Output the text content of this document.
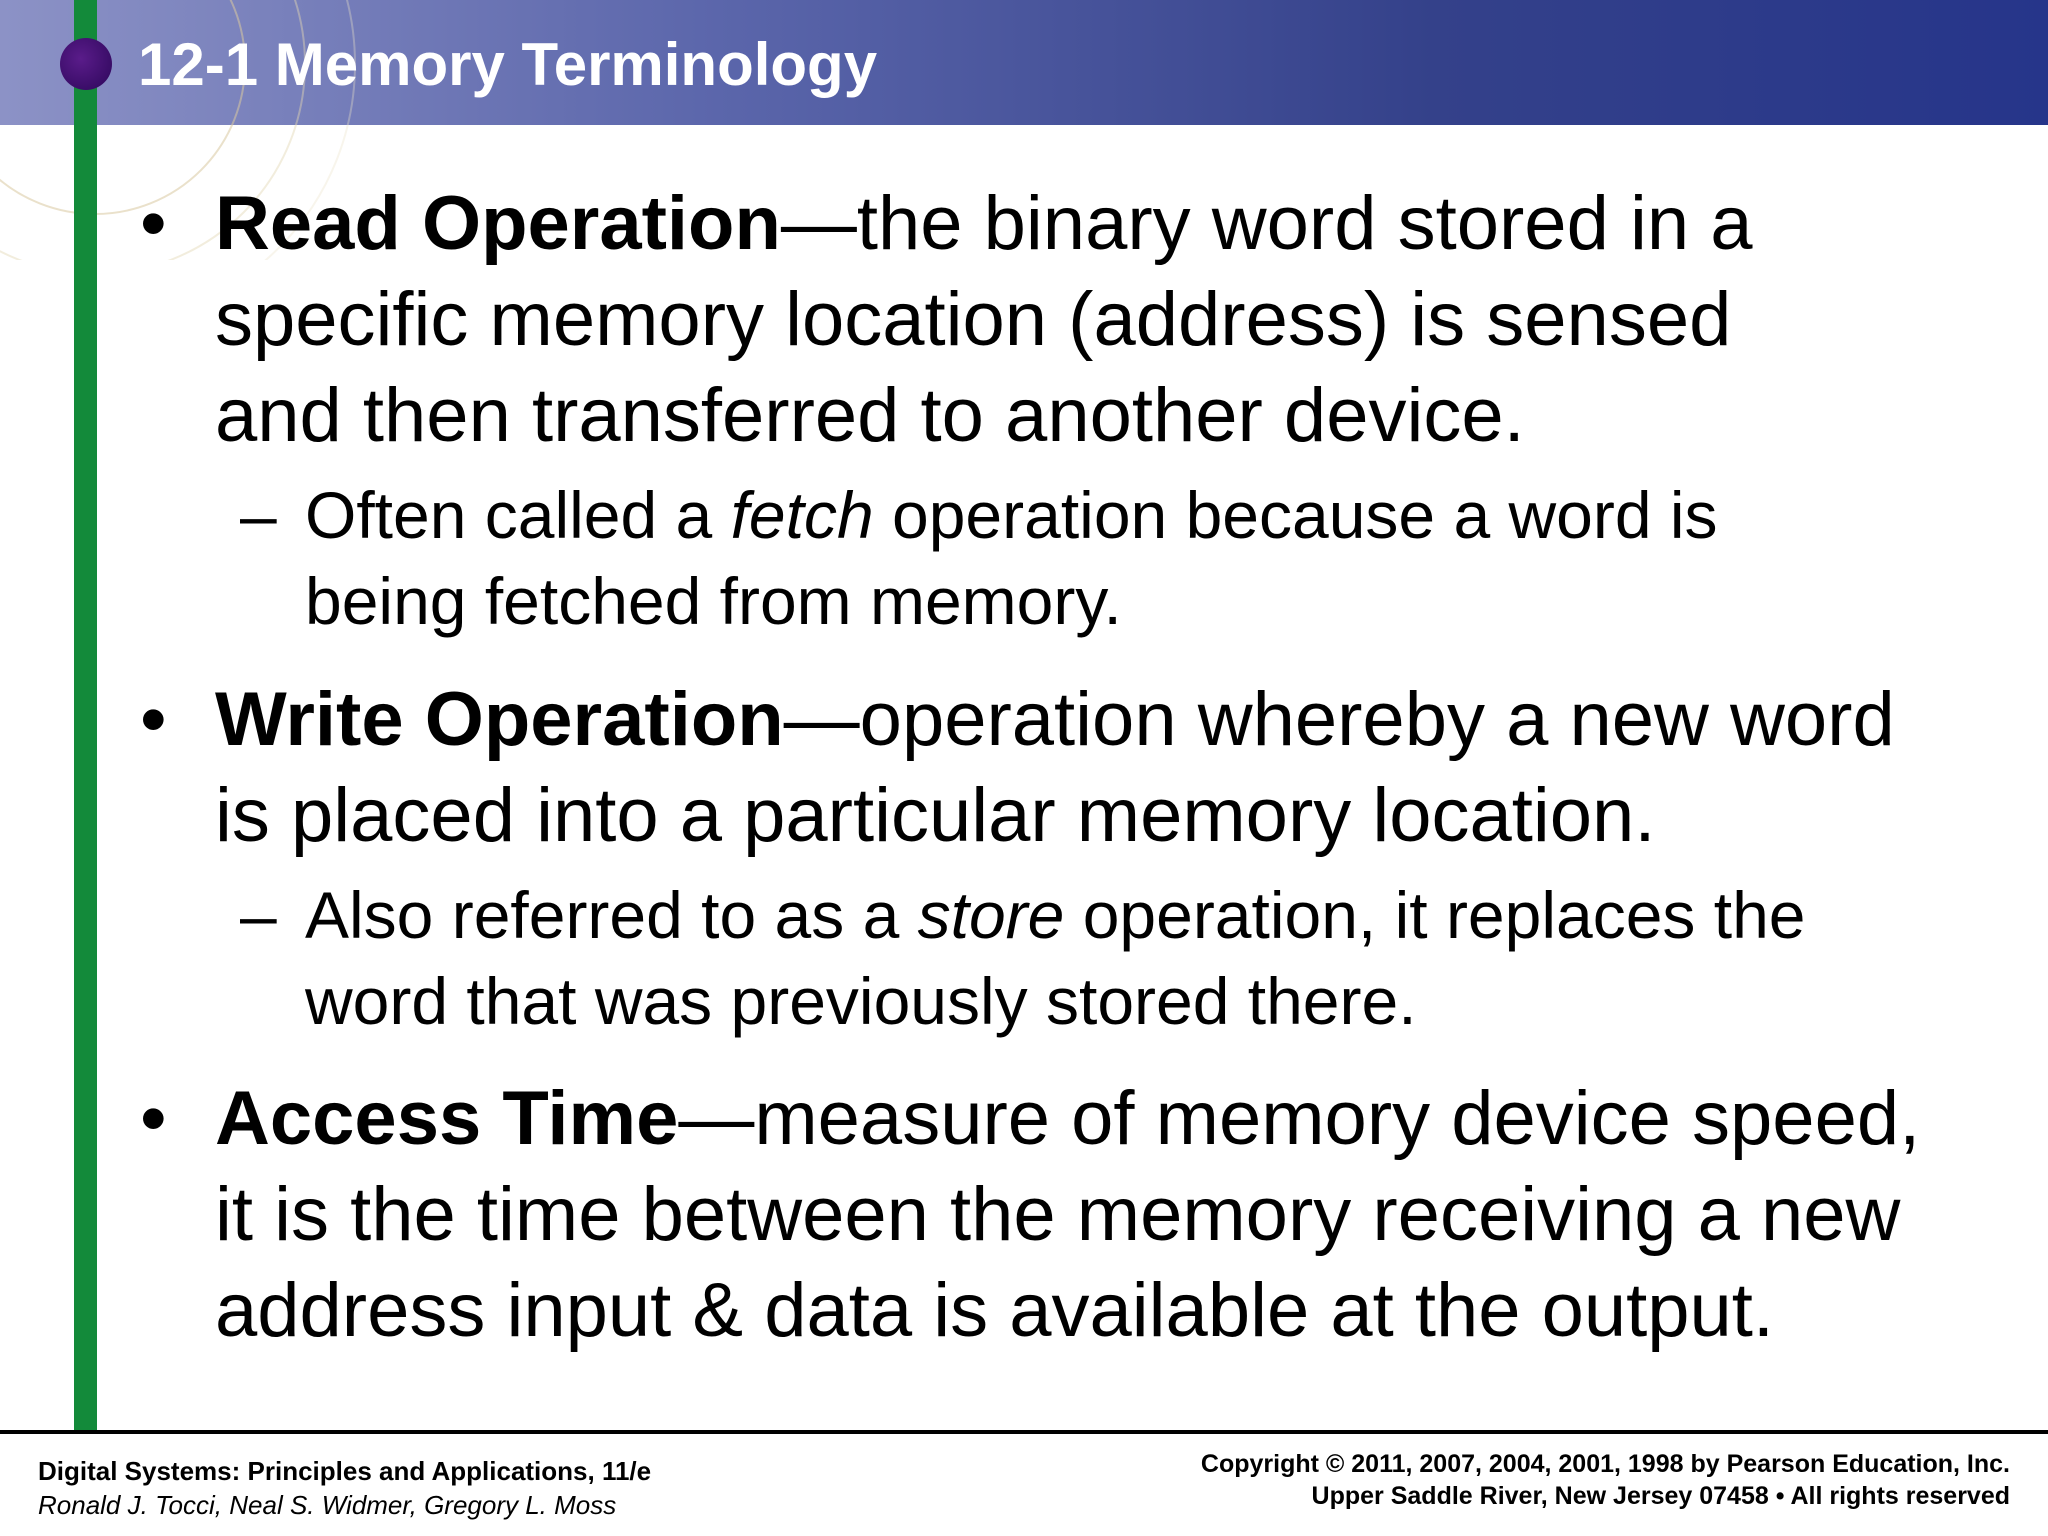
12-1 Memory Terminology
• Read Operation—the binary word stored in a
specific memory location (address) is sensed
and then transferred to another device.
– Often called a fetch operation because a word is
being fetched from memory.
• Write Operation—operation whereby a new word
is placed into a particular memory location.
– Also referred to as a store operation, it replaces the
word that was previously stored there.
• Access Time—measure of memory device speed,
it is the time between the memory receiving a new
address input & data is available at the output.
Digital Systems: Principles and Applications, 11/e
Ronald J. Tocci, Neal S. Widmer, Gregory L. Moss
Copyright © 2011, 2007, 2004, 2001, 1998 by Pearson Education, Inc.
Upper Saddle River, New Jersey 07458 • All rights reserved
